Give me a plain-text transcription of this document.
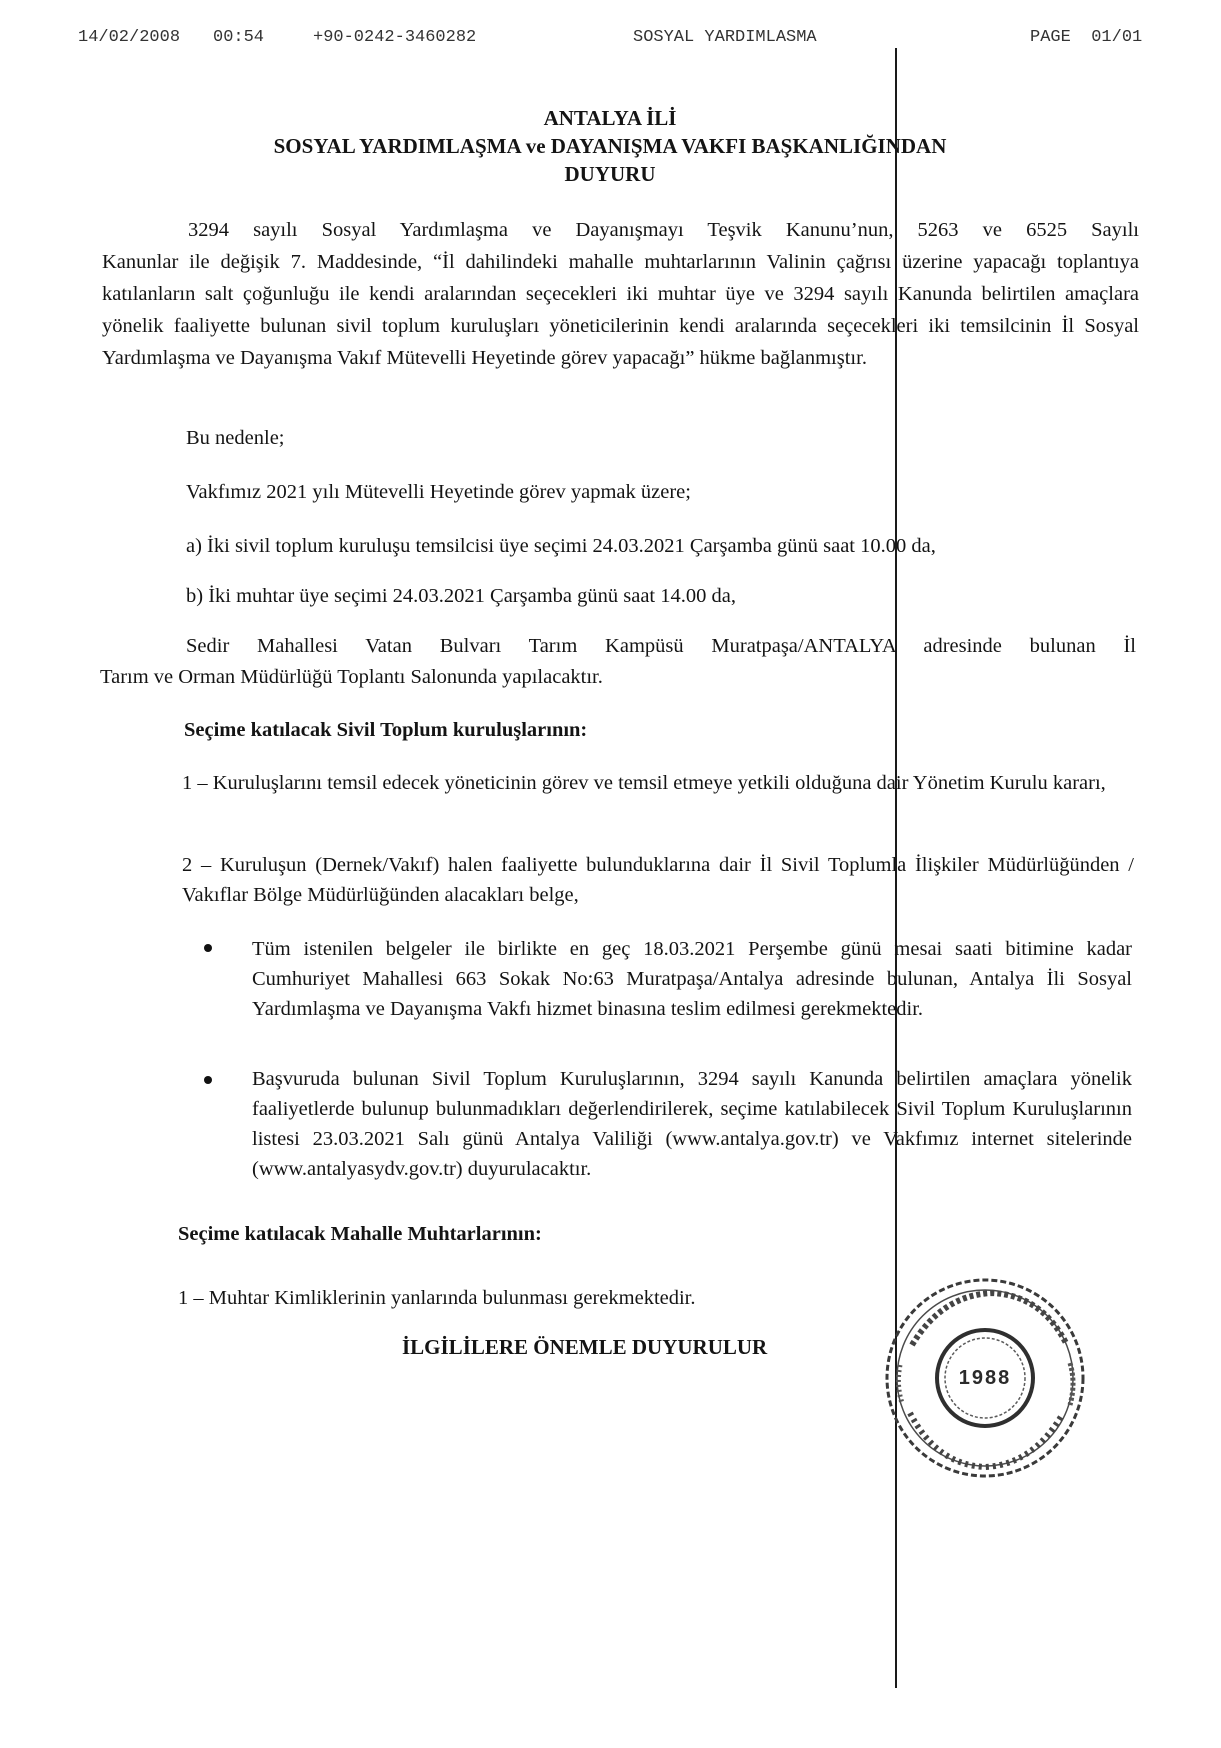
14/02/2008 00:54	+90-0242-3460282	SOSYAL YARDIMLASMA	PAGE  01/01
ANTALYA İLİ
SOSYAL YARDIMLAŞMA ve DAYANIŞMA VAKFI BAŞKANLIĞINDAN
DUYURU
3294 sayılı Sosyal Yardımlaşma ve Dayanışmayı Teşvik Kanunu’nun, 5263 ve 6525 Sayılı
Kanunlar ile değişik 7. Maddesinde, “İl dahilindeki mahalle muhtarlarının Valinin çağrısı üzerine yapacağı toplantıya katılanların salt çoğunluğu ile kendi aralarından seçecekleri iki muhtar üye ve 3294 sayılı Kanunda belirtilen amaçlara yönelik faaliyette bulunan sivil toplum kuruluşları yöneticilerinin kendi aralarında seçecekleri iki temsilcinin İl Sosyal Yardımlaşma ve Dayanışma Vakıf Mütevelli Heyetinde görev yapacağı” hükme bağlanmıştır.
Bu nedenle;
Vakfımız 2021 yılı Mütevelli Heyetinde görev yapmak üzere;
a) İki sivil toplum kuruluşu temsilcisi üye seçimi 24.03.2021 Çarşamba günü saat 10.00 da,
b) İki muhtar üye seçimi 24.03.2021 Çarşamba günü saat 14.00 da,
Sedir Mahallesi Vatan Bulvarı Tarım Kampüsü Muratpaşa/ANTALYA adresinde bulunan İl
Tarım ve Orman Müdürlüğü Toplantı Salonunda yapılacaktır.
Seçime katılacak Sivil Toplum kuruluşlarının:
1 – Kuruluşlarını temsil edecek yöneticinin görev ve temsil etmeye yetkili olduğuna dair Yönetim Kurulu kararı,
2 – Kuruluşun (Dernek/Vakıf) halen faaliyette bulunduklarına dair İl Sivil Toplumla İlişkiler Müdürlüğünden / Vakıflar Bölge Müdürlüğünden alacakları belge,
Tüm istenilen belgeler ile birlikte en geç 18.03.2021 Perşembe günü mesai saati bitimine kadar Cumhuriyet Mahallesi 663 Sokak No:63 Muratpaşa/Antalya adresinde bulunan, Antalya İli Sosyal Yardımlaşma ve Dayanışma Vakfı hizmet binasına teslim edilmesi gerekmektedir.
Başvuruda bulunan Sivil Toplum Kuruluşlarının, 3294 sayılı Kanunda belirtilen amaçlara yönelik faaliyetlerde bulunup bulunmadıkları değerlendirilerek, seçime katılabilecek Sivil Toplum Kuruluşlarının listesi 23.03.2021 Salı günü Antalya Valiliği (www.antalya.gov.tr) ve Vakfımız internet sitelerinde (www.antalyasydv.gov.tr) duyurulacaktır.
Seçime katılacak Mahalle Muhtarlarının:
1 – Muhtar Kimliklerinin yanlarında bulunması gerekmektedir.
İLGİLİLERE ÖNEMLE DUYURULUR
1988
